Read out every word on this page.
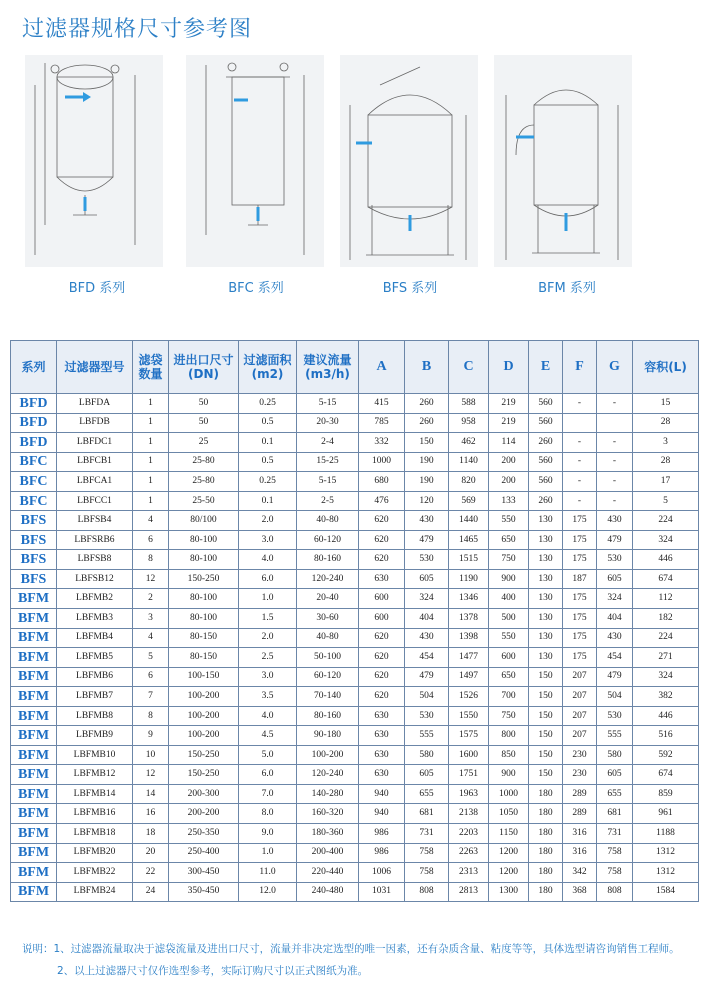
过滤器规格尺寸参考图
BFD 系列	BFC 系列	BFS 系列	BFM 系列
系列	过滤器型号	滤袋数量	进出口尺寸 (DN)	过滤面积(m2)	建议流量(m3/h)	A	B	C	D	E	F	G	容积(L)
BFD	LBFDA	1	50	0.25	5-15	415	260	588	219	560	-	-	15
BFD	LBFDB	1	50	0.5	20-30	785	260	958	219	560			28
BFD	LBFDC1	1	25	0.1	2-4	332	150	462	114	260	-	-	3
BFC	LBFCB1	1	25-80	0.5	15-25	1000	190	1140	200	560	-	-	28
BFC	LBFCA1	1	25-80	0.25	5-15	680	190	820	200	560	-	-	17
BFC	LBFCC1	1	25-50	0.1	2-5	476	120	569	133	260	-	-	5
BFS	LBFSB4	4	80/100	2.0	40-80	620	430	1440	550	130	175	430	224
BFS	LBFSRB6	6	80-100	3.0	60-120	620	479	1465	650	130	175	479	324
BFS	LBFSB8	8	80-100	4.0	80-160	620	530	1515	750	130	175	530	446
BFS	LBFSB12	12	150-250	6.0	120-240	630	605	1190	900	130	187	605	674
BFM	LBFMB2	2	80-100	1.0	20-40	600	324	1346	400	130	175	324	112
BFM	LBFMB3	3	80-100	1.5	30-60	600	404	1378	500	130	175	404	182
BFM	LBFMB4	4	80-150	2.0	40-80	620	430	1398	550	130	175	430	224
BFM	LBFMB5	5	80-150	2.5	50-100	620	454	1477	600	130	175	454	271
BFM	LBFMB6	6	100-150	3.0	60-120	620	479	1497	650	150	207	479	324
BFM	LBFMB7	7	100-200	3.5	70-140	620	504	1526	700	150	207	504	382
BFM	LBFMB8	8	100-200	4.0	80-160	630	530	1550	750	150	207	530	446
BFM	LBFMB9	9	100-200	4.5	90-180	630	555	1575	800	150	207	555	516
BFM	LBFMB10	10	150-250	5.0	100-200	630	580	1600	850	150	230	580	592
BFM	LBFMB12	12	150-250	6.0	120-240	630	605	1751	900	150	230	605	674
BFM	LBFMB14	14	200-300	7.0	140-280	940	655	1963	1000	180	289	655	859
BFM	LBFMB16	16	200-200	8.0	160-320	940	681	2138	1050	180	289	681	961
BFM	LBFMB18	18	250-350	9.0	180-360	986	731	2203	1150	180	316	731	1188
BFM	LBFMB20	20	250-400	1.0	200-400	986	758	2263	1200	180	316	758	1312
BFM	LBFMB22	22	300-450	11.0	220-440	1006	758	2313	1200	180	342	758	1312
BFM	LBFMB24	24	350-450	12.0	240-480	1031	808	2813	1300	180	368	808	1584
说明：1、过滤器流量取决于滤袋流量及进出口尺寸，流量并非决定选型的唯一因素，还有杂质含量、粘度等等，具体选型请咨询销售工程师。
2、以上过滤器尺寸仅作选型参考，实际订购尺寸以正式图纸为准。
